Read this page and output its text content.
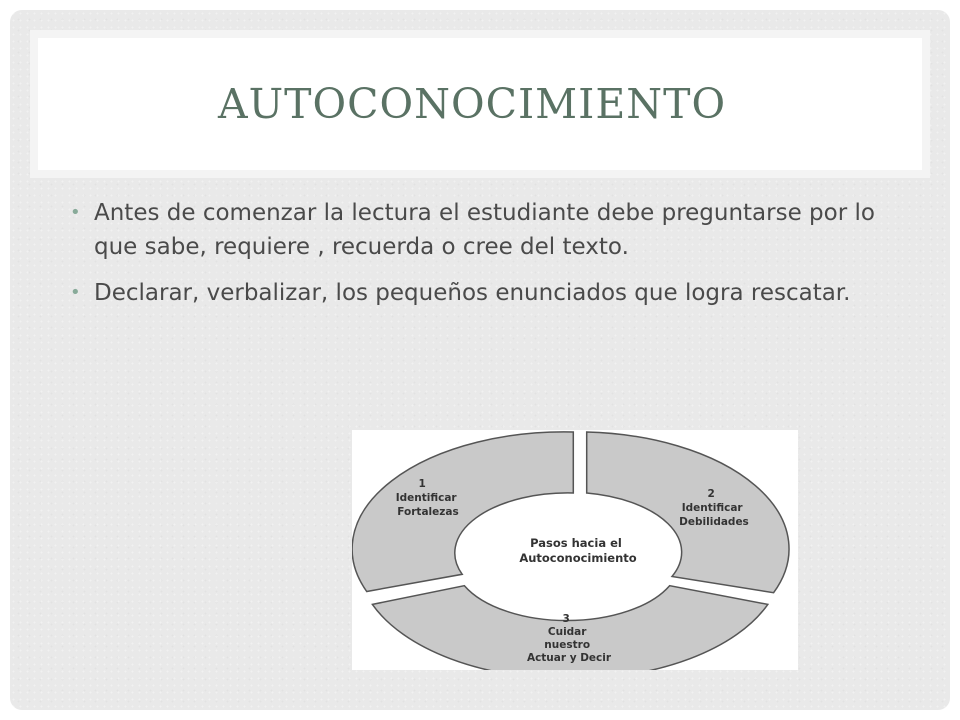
AUTOCONOCIMIENTO
• Antes de comenzar la lectura el estudiante debe preguntarse por lo que sabe, requiere , recuerda o cree del texto.
• Declarar, verbalizar, los pequeños enunciados que logra rescatar.
1 Identificar Fortalezas
2 Identificar Debilidades
3 Cuidar nuestro Actuar y Decir
Pasos hacia el Autoconocimiento
